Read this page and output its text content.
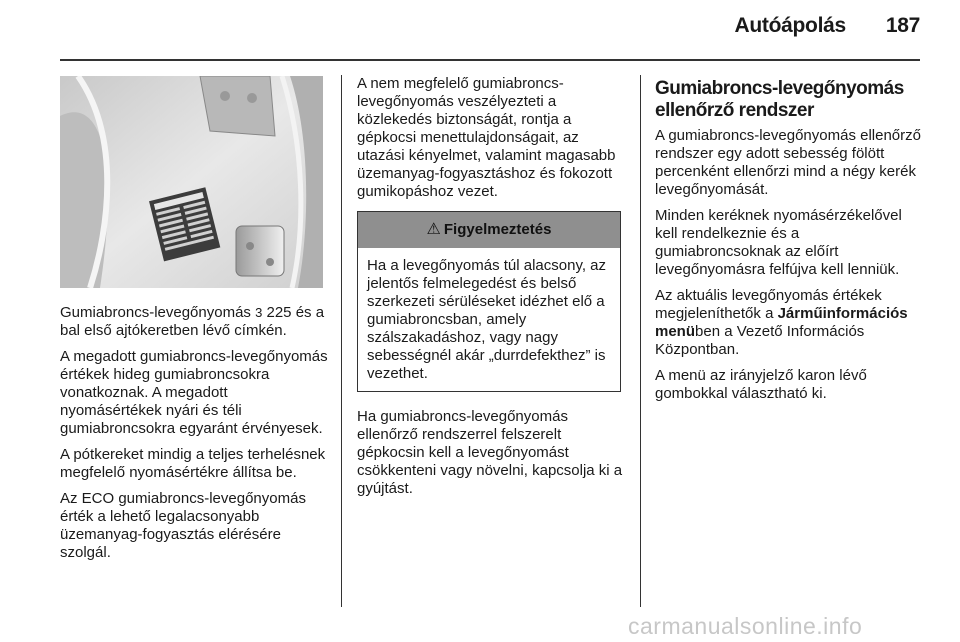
Autóápolás 187

Gumiabroncs-levegőnyomás 3 225 és a bal első ajtókeretben lévő címkén.

A megadott gumiabroncs-levegőnyomás értékek hideg gumiabroncsokra vonatkoznak. A megadott nyomásértékek nyári és téli gumiabroncsokra egyaránt érvényesek.

A pótkereket mindig a teljes terhelésnek megfelelő nyomásértékre állítsa be.

Az ECO gumiabroncs-levegőnyomás érték a lehető legalacsonyabb üzemanyag-fogyasztás elérésére szolgál.

A nem megfelelő gumiabroncs-levegőnyomás veszélyezteti a közlekedés biztonságát, rontja a gépkocsi menettulajdonságait, az utazási kényelmet, valamint magasabb üzemanyag-fogyasztáshoz és fokozott gumikopáshoz vezet.

⚠ Figyelmeztetés
Ha a levegőnyomás túl alacsony, az jelentős felmelegedést és belső szerkezeti sérüléseket idézhet elő a gumiabroncsban, amely szálszakadáshoz, vagy nagy sebességnél akár „durrdefekthez” is vezethet.

Ha gumiabroncs-levegőnyomás ellenőrző rendszerrel felszerelt gépkocsin kell a levegőnyomást csökkenteni vagy növelni, kapcsolja ki a gyújtást.

Gumiabroncs-levegőnyomás ellenőrző rendszer

A gumiabroncs-levegőnyomás ellenőrző rendszer egy adott sebesség fölött percenként ellenőrzi mind a négy kerék levegőnyomását.

Minden keréknek nyomásérzékelővel kell rendelkeznie és a gumiabroncsoknak az előírt levegőnyomásra felfújva kell lenniük.

Az aktuális levegőnyomás értékek megjeleníthetők a Járműinformációs menüben a Vezető Információs Központban.

A menü az irányjelző karon lévő gombokkal választható ki.

carmanualsonline.info
